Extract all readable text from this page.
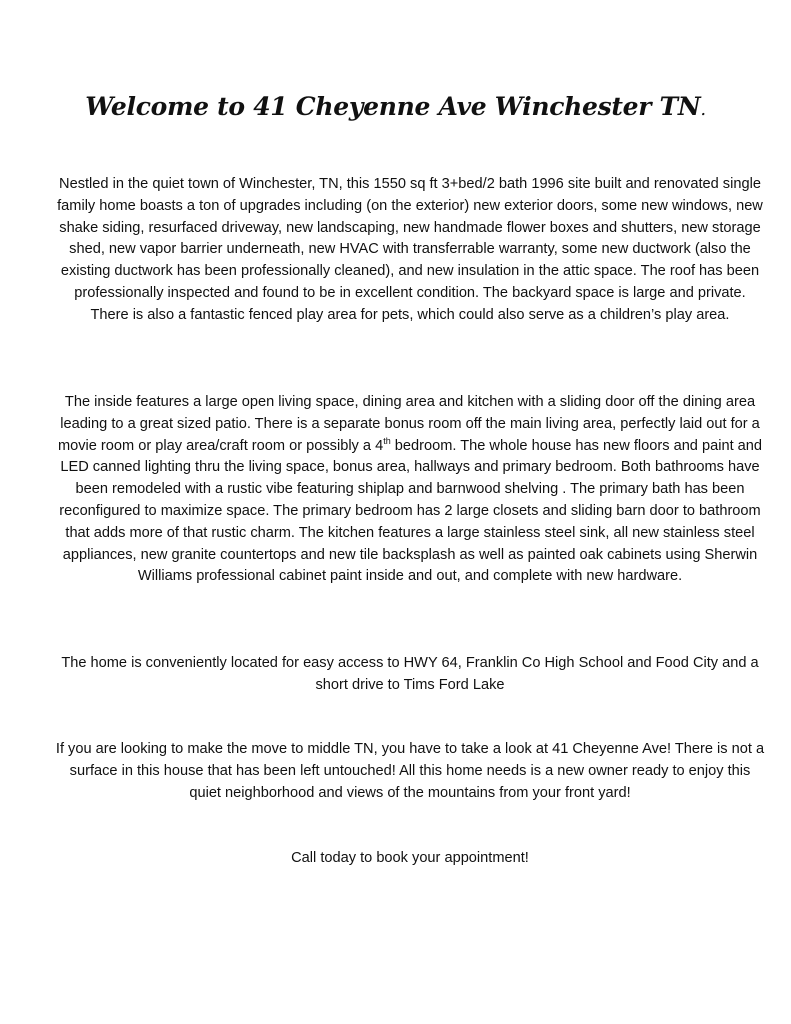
Welcome to 41 Cheyenne Ave Winchester TN.

Nestled in the quiet town of Winchester, TN, this 1550 sq ft 3+bed/2 bath 1996 site built and renovated single family home boasts a ton of upgrades including (on the exterior) new exterior doors, some new windows, new shake siding, resurfaced driveway, new landscaping, new handmade flower boxes and shutters, new storage shed, new vapor barrier underneath, new HVAC with transferrable warranty, some new ductwork (also the existing ductwork has been professionally cleaned), and new insulation in the attic space. The roof has been professionally inspected and found to be in excellent condition. The backyard space is large and private. There is also a fantastic fenced play area for pets, which could also serve as a children’s play area.

The inside features a large open living space, dining area and kitchen with a sliding door off the dining area leading to a great sized patio. There is a separate bonus room off the main living area, perfectly laid out for a movie room or play area/craft room or possibly a 4th bedroom. The whole house has new floors and paint and LED canned lighting thru the living space, bonus area, hallways and primary bedroom. Both bathrooms have been remodeled with a rustic vibe featuring shiplap and barnwood shelving . The primary bath has been reconfigured to maximize space. The primary bedroom has 2 large closets and sliding barn door to bathroom that adds more of that rustic charm. The kitchen features a large stainless steel sink, all new stainless steel appliances, new granite countertops and new tile backsplash as well as painted oak cabinets using Sherwin Williams professional cabinet paint inside and out, and complete with new hardware.

The home is conveniently located for easy access to HWY 64, Franklin Co High School and Food City and a short drive to Tims Ford Lake

If you are looking to make the move to middle TN, you have to take a look at 41 Cheyenne Ave! There is not a surface in this house that has been left untouched! All this home needs is a new owner ready to enjoy this quiet neighborhood and views of the mountains from your front yard!

Call today to book your appointment!
